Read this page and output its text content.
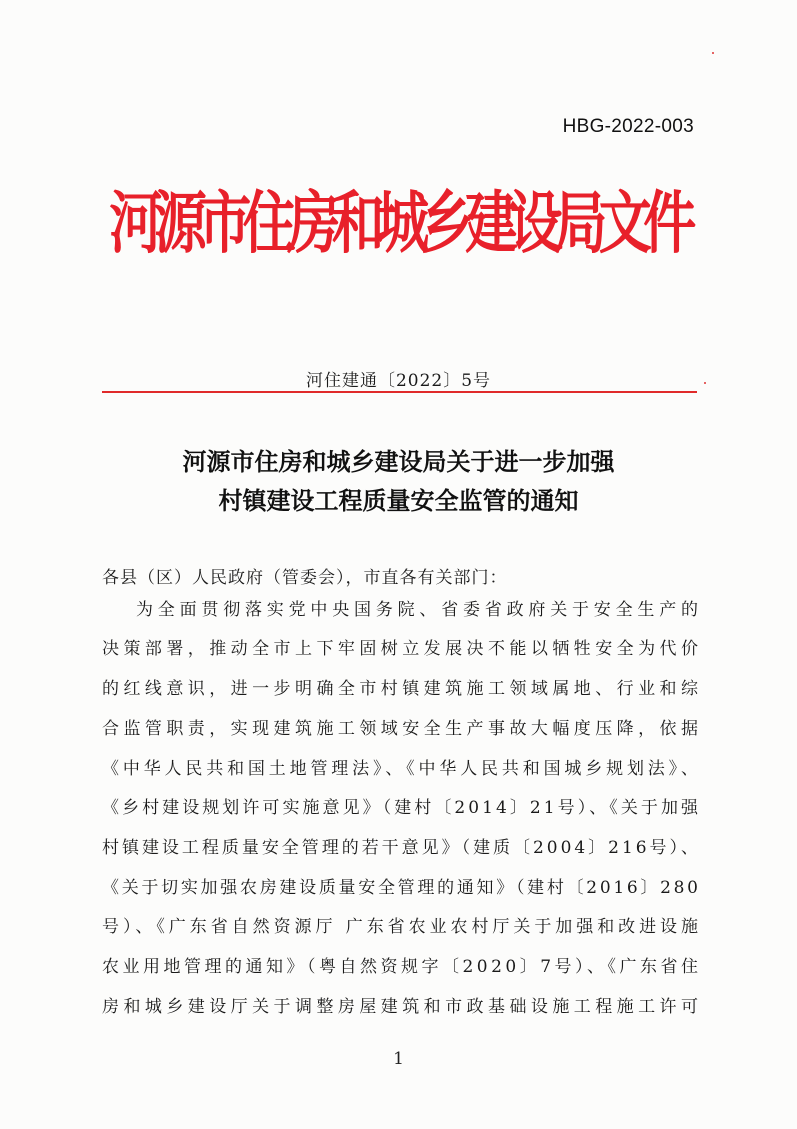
HBG-2022-003
河源市住房和城乡建设局文件
河住建通〔2022〕5号
河源市住房和城乡建设局关于进一步加强
村镇建设工程质量安全监管的通知
各县（区）人民政府（管委会），市直各有关部门：
为全面贯彻落实党中央国务院、省委省政府关于安全生产的
决策部署，推动全市上下牢固树立发展决不能以牺牲安全为代价
的红线意识，进一步明确全市村镇建筑施工领域属地、行业和综
合监管职责，实现建筑施工领域安全生产事故大幅度压降，依据
《中华人民共和国土地管理法》、《中华人民共和国城乡规划法》、
《乡村建设规划许可实施意见》（建村〔2014〕21号）、《关于加强
村镇建设工程质量安全管理的若干意见》（建质〔2004〕216号）、
《关于切实加强农房建设质量安全管理的通知》（建村〔2016〕280
号）、《广东省自然资源厅 广东省农业农村厅关于加强和改进设施
农业用地管理的通知》（粤自然资规字〔2020〕7号）、《广东省住
房和城乡建设厅关于调整房屋建筑和市政基础设施工程施工许可
1
